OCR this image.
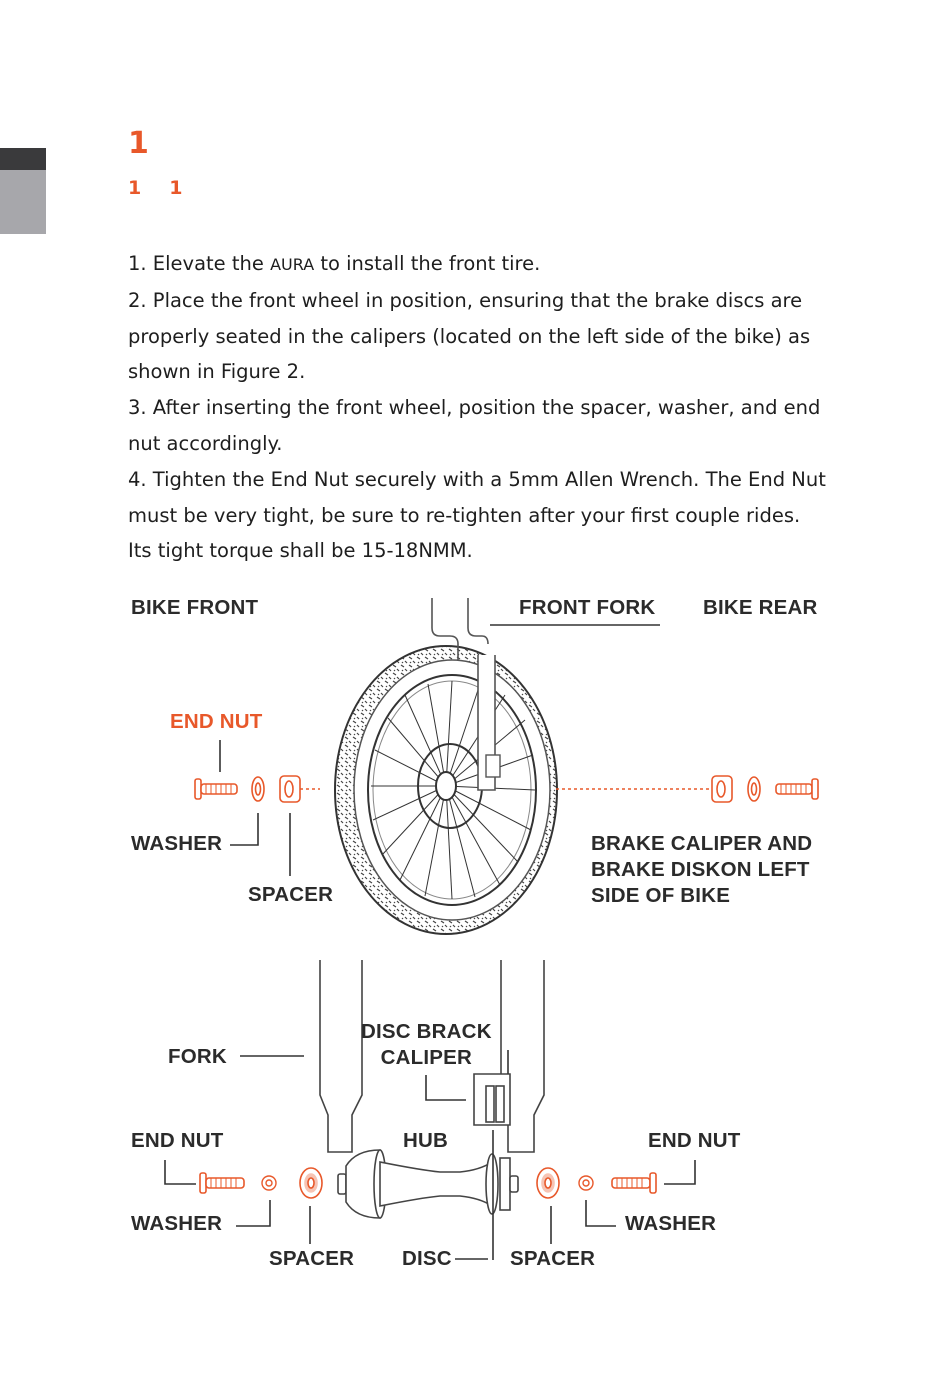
1
1 1

1. Elevate the AURA to install the front tire.

2. Place the front wheel in position, ensuring that the brake discs are properly seated in the calipers (located on the left side of the bike) as shown in Figure 2.

3. After inserting the front wheel, position the spacer, washer, and end nut accordingly.

4. Tighten the End Nut securely with a 5mm Allen Wrench. The End Nut must be very tight, be sure to re-tighten after your first couple rides.

Its tight torque shall be 15-18NMM.

BIKE FRONT	FRONT FORK BIKE REAR
END NUT
WASHER
SPACER
BRAKE CALIPER AND
BRAKE DISKON LEFT
SIDE OF BIKE
FORK
DISC BRACK
CALIPER
END NUT	HUB	END NUT
WASHER	WASHER
SPACER DISC	SPACER
